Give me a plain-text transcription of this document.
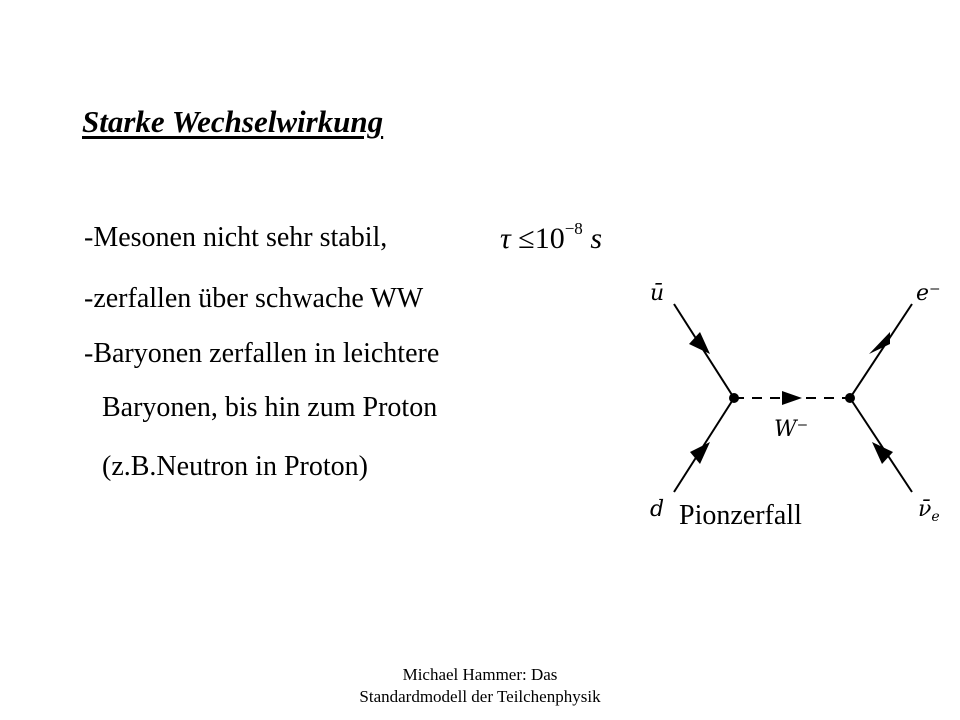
Starke Wechselwirkung
-Mesonen nicht sehr stabil,	$\tau \le 10^{-8}$ s
-zerfallen über schwache WW
-Baryonen zerfallen in leichtere
Baryonen, bis hin zum Proton
(z.B.Neutron in Proton)
ū
d
e⁻
$\nū_e$
W⁻
Pionzerfall
Michael Hammer: Das
Standardmodell der Teilchenphysik
